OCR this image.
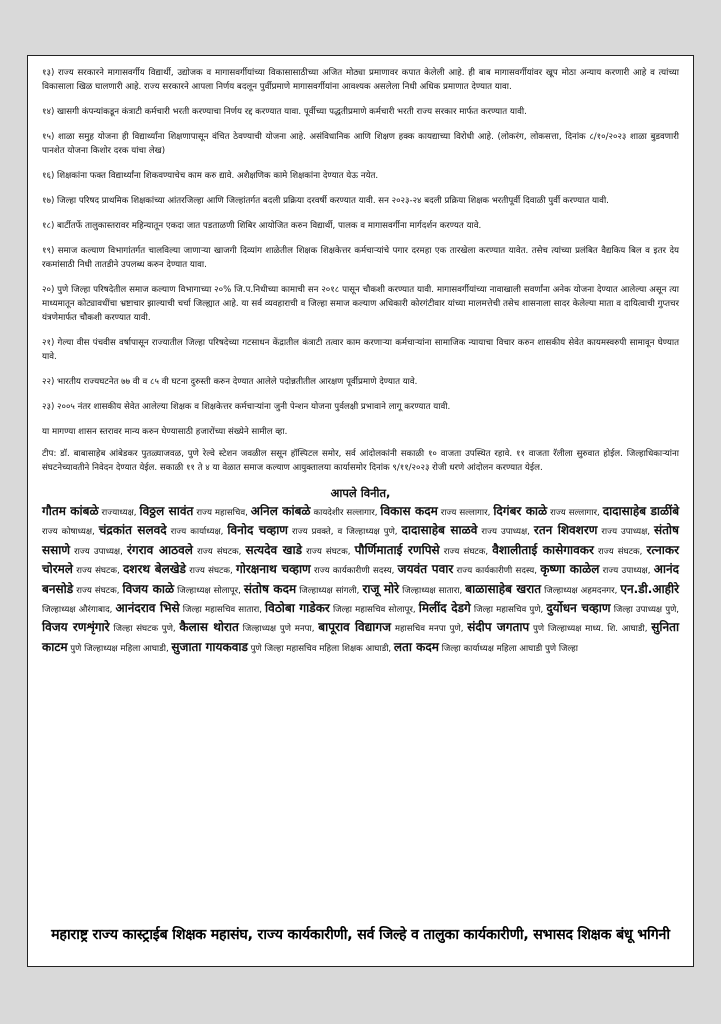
१३) राज्य सरकारने मागासवर्गीय विद्यार्थी, उद्योजक व मागासवर्गीयांच्या विकासासाठीच्या अजित मोठ्या प्रमाणावर कपात केलेली आहे. ही बाब मागासवर्गीयांवर खूप मोठा अन्याय करणारी आहे व त्यांच्या विकासाला खिळ घालणारी आहे. राज्य सरकारने आपला निर्णय बदलून पुर्वीप्रमाणे मागासवर्गीयांना आवश्यक असलेला निधी अधिक प्रमाणात देण्यात यावा.

१४) खासगी कंपन्यांकडून कंत्राटी कर्मचारी भरती करण्याचा निर्णय रद्द करण्यात यावा. पूर्वीच्या पद्धतीप्रमाणे कर्मचारी भरती राज्य सरकार मार्फत करण्यात यावी.

१५) शाळा समुह योजना ही विद्यार्थ्यांना शिक्षणापासून वंचित ठेवण्याची योजना आहे. असंविधानिक आणि शिक्षण हक्क कायद्याच्या विरोधी आहे. (लोकरंग, लोकसत्ता, दिनांक ८/१०/२०२३ शाळा बुडवणारी पानशेत योजना किशोर दरक यांचा लेख)

१६) शिक्षकांना फक्त विद्यार्थ्यांना शिकवण्याचेच काम करु द्यावे. अशैक्षणिक कामे शिक्षकांना देण्यात येऊ नयेत.

१७) जिल्हा परिषद प्राथमिक शिक्षकांच्या आंतरजिल्हा आणि जिल्हांतर्गत बदली प्रक्रिया दरवर्षी करण्यात यावी. सन २०२३-२४ बदली प्रक्रिया शिक्षक भरतीपूर्वी दिवाळी पुर्वी करण्यात यावी.

१८) बार्टीतर्फे तालुकास्तरावर महिन्यातून एकदा जात पडताळणी शिबिर आयोजित करुन विद्यार्थी, पालक व मागासवर्गीना मार्गदर्शन करण्यत यावे.

१९) समाज कल्याण विभागांतर्गत चालविल्या जाणाऱ्या खाजगी दिव्यांग शाळेतील शिक्षक शिक्षकेत्तर कर्मचाऱ्यांचे पगार दरमहा एक तारखेला करण्यात यावेत. तसेच त्यांच्या प्रलंबित वैद्यकिय बिल व इतर देय रकमांसाठी निधी तातडीने उपलब्ध करुन देण्यात यावा.

२०) पुणे जिल्हा परिषदेतील समाज कल्याण विभागाच्या २०% जि.प.निधीच्या कामाची सन २०१८ पासून चौकशी करण्यात यावी. मागासवर्गीयांच्या नावाखाली सवर्णांना अनेक योजना देण्यात आलेल्या असून त्या माध्यमातून कोट्यावधींचा भ्रष्टाचार झाल्याची चर्चा जिल्ह्यात आहे. या सर्व व्यवहाराची व जिल्हा समाज कल्याण अधिकारी कोरगंटीवार यांच्या मालमत्तेची तसेच शासनाला सादर केलेल्या माता व दायित्वाची गुप्तचर यंत्रणेमार्फत चौकशी करण्यात यावी.

२१) गेल्या वीस पंचवीस वर्षापासून राज्यातील जिल्हा परिषदेच्या गटसाधन केंद्रातील कंत्राटी तत्वार काम करणाऱ्या कर्मचाऱ्यांना सामाजिक न्यायाचा विचार करुन शासकीय सेवेत कायमस्वरुपी सामावून घेण्यात यावे.

२२) भारतीय राज्यघटनेत ७७ वी व ८५ वी घटना दुरुस्ती करुन देण्यात आलेले पदोन्नतीतील आरक्षण पूर्वीप्रमाणे देण्यात यावे.

२३) २००५ नंतर शासकीय सेवेत आलेल्या शिक्षक व शिक्षकेत्तर कर्मचाऱ्यांना जुनी पेन्शन योजना पुर्वलक्षी प्रभावाने लागू करण्यात यावी.

या मागण्या शासन स्तरावर मान्य करुन घेण्यासाठी हजारोंच्या संख्येने सामील व्हा.

टीप: डॉ. बाबासाहेब आंबेडकर पुतळ्याजवळ, पुणे रेल्वे स्टेशन जवळील ससून हॉस्पिटल समोर, सर्व आंदोलकांनी सकाळी १० वाजता उपस्थित रहावे. ११ वाजता रॅलीला सुरुवात होईल. जिल्हाधिकाऱ्यांना संघटनेच्यावतीने निवेदन देण्यात येईल. सकाळी ११ ते ४ या वेळात समाज कल्याण आयुक्तालया कार्यासमोर दिनांक ९/११/२०२३ रोजी धरणे आंदोलन करण्यात येईल.

आपले विनीत,
गौतम कांबळे राज्याध्यक्ष, विठ्ठल सावंत राज्य महासचिव, अनिल कांबळे कायदेशीर सल्लागार, विकास कदम राज्य सल्लागार, दिगंबर काळे राज्य सल्लागार, दादासाहेब डाळींबे राज्य कोषाध्यक्ष, चंद्रकांत सलवदे राज्य कार्याध्यक्ष, विनोद चव्हाण राज्य प्रवक्ते, व जिल्हाध्यक्ष पुणे, दादासाहेब साळवे राज्य उपाध्यक्ष, रतन शिवशरण राज्य उपाध्यक्ष, संतोष ससाणे राज्य उपाध्यक्ष, रंगराव आठवले राज्य संघटक, सत्यदेव खाडे राज्य संघटक, पौर्णिमाताई रणपिसे राज्य संघटक, वैशालीताई कासेगावकर राज्य संघटक, रत्नाकर चोरमले राज्य संघटक, दशरथ बेलखेडे राज्य संघटक, गोरक्षनाथ चव्हाण राज्य कार्यकारीणी सदस्य, जयवंत पवार राज्य कार्यकारीणी सदस्य, कृष्णा काळेल राज्य उपाध्यक्ष, आनंद बनसोडे राज्य संघटक, विजय काळे जिल्हाध्यक्ष सोलापूर, संतोष कदम जिल्हाध्यक्ष सांगली, राजू मोरे जिल्हाध्यक्ष सातारा, बाळासाहेब खरात जिल्हाध्यक्ष अहमदनगर, एन.डी.आहीरे जिल्हाध्यक्ष औरंगाबाद, आनंदराव भिसे जिल्हा महासचिव सातारा, विठोबा गाडेकर जिल्हा महासचिव सोलापूर, मिलींद देडगे जिल्हा महासचिव पुणे, दुर्योधन चव्हाण जिल्हा उपाध्यक्ष पुणे, विजय रणशृंगारे जिल्हा संघटक पुणे, कैलास थोरात जिल्हाध्यक्ष पुणे मनपा, बापूराव विद्यागज महासचिव मनपा पुणे, संदीप जगताप पुणे जिल्हाध्यक्ष माध्य. शि. आघाडी, सुनिता काटम पुणे जिल्हाध्यक्ष महिला आघाडी, सुजाता गायकवाड पुणे जिल्हा महासचिव महिला शिक्षक आघाडी, लता कदम जिल्हा कार्याध्यक्ष महिला आघाडी पुणे जिल्हा
महाराष्ट्र राज्य कास्ट्राईब शिक्षक महासंघ, राज्य कार्यकारीणी, सर्व जिल्हे व तालुका कार्यकारीणी, सभासद शिक्षक बंधू भगिनी
